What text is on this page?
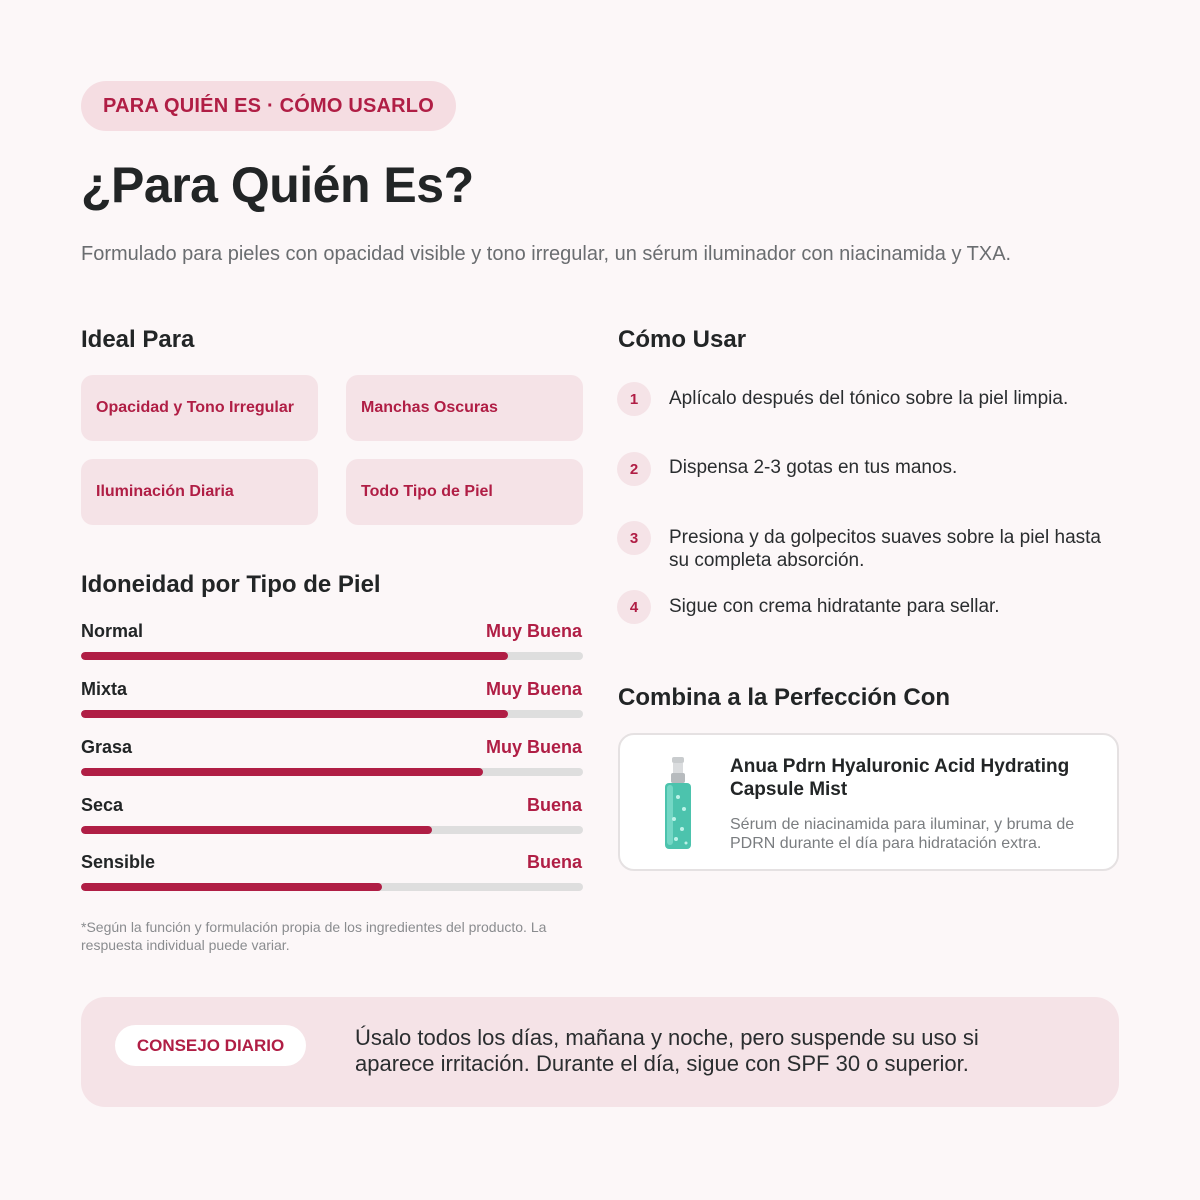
PARA QUIÉN ES · CÓMO USARLO
¿Para Quién Es?

Formulado para pieles con opacidad visible y tono irregular, un sérum iluminador con niacinamida y TXA.

Ideal Para
Opacidad y Tono Irregular	Manchas Oscuras
Iluminación Diaria	Todo Tipo de Piel
Idoneidad por Tipo de Piel
Normal	Muy Buena
Mixta	Muy Buena
Grasa	Muy Buena
Seca	Buena
Sensible	Buena

*Según la función y formulación propia de los ingredientes del producto. La respuesta individual puede variar.

Cómo Usar
1	Aplícalo después del tónico sobre la piel limpia.

2	Dispensa 2-3 gotas en tus manos.

3	Presiona y da golpecitos suaves sobre la piel hasta su completa absorción.

4	Sigue con crema hidratante para sellar.

Combina a la Perfección Con

Anua Pdrn Hyaluronic Acid Hydrating Capsule Mist

Sérum de niacinamida para iluminar, y bruma de PDRN durante el día para hidratación extra.

CONSEJO DIARIO	Úsalo todos los días, mañana y noche, pero suspende su uso si aparece irritación. Durante el día, sigue con SPF 30 o superior.
